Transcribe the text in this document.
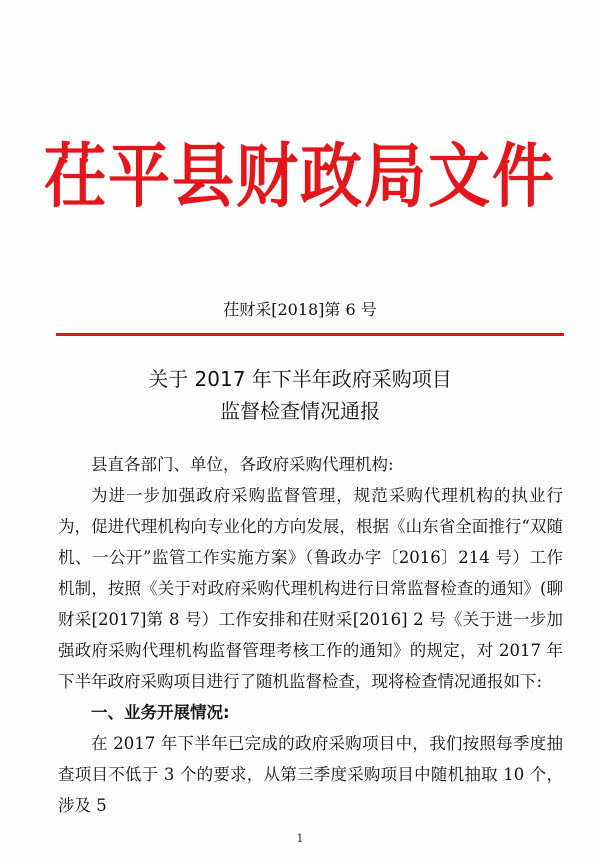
茌平县财政局文件
茌财采[2018]第 6 号
关于 2017 年下半年政府采购项目
监督检查情况通报

县直各部门、单位，各政府采购代理机构:

为进一步加强政府采购监督管理，规范采购代理机构的执业行为，促进代理机构向专业化的方向发展，根据《山东省全面推行“双随机、一公开”监管工作实施方案》（鲁政办字〔2016〕214 号）工作机制，按照《关于对政府采购代理机构进行日常监督检查的通知》(聊财采[2017]第 8 号）工作安排和茌财采[2016] 2 号《关于进一步加强政府采购代理机构监督管理考核工作的通知》的规定，对 2017 年下半年政府采购项目进行了随机监督检查，现将检查情况通报如下:

一、业务开展情况:

在 2017 年下半年已完成的政府采购项目中，我们按照每季度抽查项目不低于 3 个的要求，从第三季度采购项目中随机抽取 10 个，涉及 5

1
